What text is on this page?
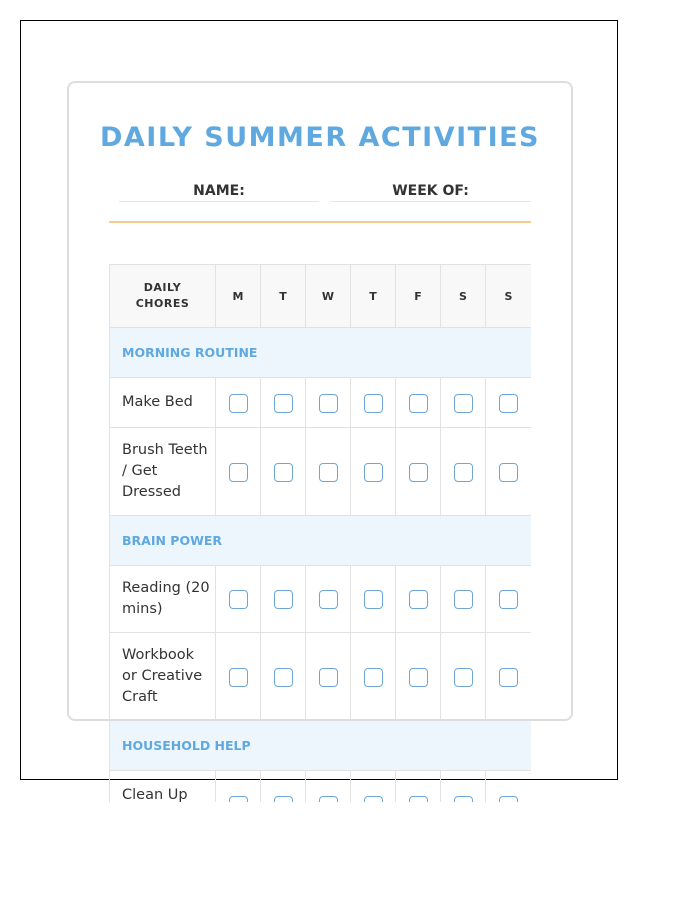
DAILY SUMMER ACTIVITIES
NAME:	WEEK OF:
DAILY
CHORES	M	T	W	T	F	S	S
MORNING ROUTINE							
Make Bed							
Brush Teeth / Get Dressed							
BRAIN POWER							
Reading (20 mins)							
Workbook or Creative Craft							
HOUSEHOLD HELP							
Clean Up							
